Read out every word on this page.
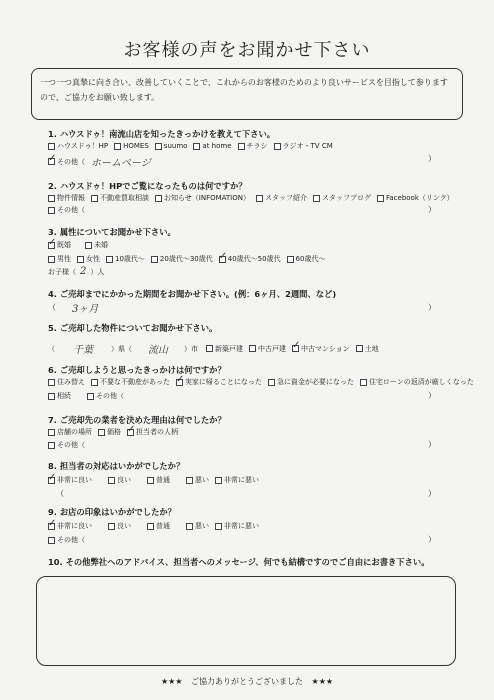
お客様の声をお聞かせ下さい
一つ一つ真摯に向き合い、改善していくことで、これからのお客様のためのより良いサービスを目指して参りますので、ご協力をお願い致します。
1. ハウスドゥ！南流山店を知ったきっかけを教えて下さい。
ハウスドゥ！HP HOMES suumo at home チラシ ラジオ・TV CM
✓
その他（ ホームページ	）
2. ハウスドゥ！HPでご覧になったものは何ですか？
物件情報 不動産買取相談 お知らせ（INFOMATION） スタッフ紹介 スタッフブログ Facebook（リンク）
その他（	）
3. 属性についてお聞かせ下さい。
✓
既婚	未婚
男性 女性 10歳代〜 20歳代〜30歳代 ✓ 40歳代〜50歳代 60歳代〜
お子様（ 2 ）人
4. ご売却までにかかった期間をお聞かせ下さい。(例：6ヶ月、2週間、など)
（ 3ヶ月	）
5. ご売却した物件についてお聞かせ下さい。
（ 千葉	）県（ 流山 ）市 新築戸建 中古戸建 ✓ 中古マンション 土地
6. ご売却しようと思ったきっかけは何ですか？
住み替え 不要な不動産があった ✓ 実家に帰ることになった 急に資金が必要になった 住宅ローンの返済が厳しくなった
相続	その他（	）
7. ご売却先の業者を決めた理由は何でしたか？
店舗の場所 価格 ✓ 担当者の人柄
その他（	）
8. 担当者の対応はいかがでしたか？
✓
非常に良い	良い	普通	悪い 非常に悪い
（	）
9. お店の印象はいかがでしたか？
✓
非常に良い	良い	普通	悪い 非常に悪い
その他（	）
10. その他弊社へのアドバイス、担当者へのメッセージ、何でも結構ですのでご自由にお書き下さい。
★★★ ご協力ありがとうございました ★★★
